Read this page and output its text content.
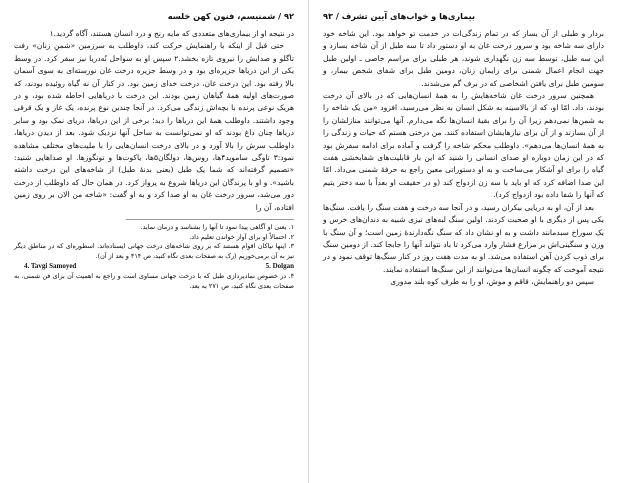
۹۲ / شمنیسم، فنون کهن خلسه

در نتیجه او از بیماری‌های متعددی که مایه رنج و درد انسان هستند، آگاه گردید.۱

حتی قبل از اینکه با راهنمایش حرکت کند، داوطلب به سرزمین «شمنِ زنان» رفت تاگلو و صدایش را نیروی تازه بخشد.۲ سپس او به سواحل نُه‌دریا نیز سفر کرد. در وسط یکی از این دریاها جزیره‌ای بود و در وسط جزیره درخت غان نورسته‌ای به سوی آسمان بالا رفته بود. این درخت غان، درخت خدای زمین بود. در کنار آن نه گیاه روئیده بودند، که صورت‌های اولیه همهٔ گیاهان زمین بودند. این درخت با دریاهایی احاطه شده بود، و در هریک نوعی پرنده با بچه‌اش زندگی می‌کرد. در آنجا چندین نوع پرنده، یک غاز و یک قرقی وجود داشتند. داوطلب همهٔ این دریاها را دید؛ برخی از این دریاها، دریای نمک بود و سایر دریاها چنان داغ بودند که او نمی‌توانست به ساحل آنها نزدیک شود. بعد از دیدن دریاها، داوطلب سرش را بالا آورد و در بالای درخت انسان‌هایی را با ملیت‌های مختلف مشاهده نمود:۳ تاوگی ساموید۴ها، روس‌ها، دولگان۵ها، یاکوت‌ها و تونگوزها. او صداهایی شنید: «تصمیم گرفته‌اند که شما یک طبل (یعنی بدنهٔ طبل) از شاخه‌های این درخت داشته باشید». و او با پرندگان این دریاها شروع به پرواز کرد. در همان حال که داوطلب از درخت دور می‌شد، سرور درخت غان به او صدا کرد و به او گفت: «شاخه من الان بر روی زمین افتاده، آن را

۱. یعنی او آگاهی پیدا نمود تا آنها را بشناسد و درمان نماید.

۲. احتمالاً او برای آواز خواندن تعلیم داد.

۳. اینها نیاکان اقوام هستند که بر روی شاخه‌های درخت جهانی ایستاده‌اند. اسطوره‌ای که در مناطق دیگر نیز به آن برمی‌خوریم (رک به صفحات بعدی نگاه کنید، ص ۴۱۴ و بعد از آن).

4. Tavgi Samoyed	5. Dolgan

۴. در خصوص نمادپردازی طبل که با درخت جهانی مساوی است و راجع به اهمیت آن برای فن شمنی، به صفحات بعدی نگاه کنید، ص ۲۷۱ به بعد.

بیماری‌ها و خواب‌های آیین تشرف / ۹۳

بردار و طبلی از آن بساز که در تمام زندگی‌ات در خدمت تو خواهد بود. این شاخه خود دارای سه شاخه بود و سرور درخت غان به او دستور داد تا سه طبل از آن شاخه بسازد و این سه طبل، توسط سه زن نگهداری شوند، هر طبلی برای مراسم خاصی ـ اولین طبل جهت انجام اعمال شمنی برای زایمان زنان، دومین طبل برای شفای شخص بیمار، و سومین طبل برای یافتن اشخاصی که در برف گم می‌شدند.

همچنین سرور درخت غان شاخه‌هایش را به همهٔ انسان‌هایی که در بالای آن درخت بودند، داد. امّا او، که از بالاسینه به شکل انسان به نظر می‌رسید، افزود «من یک شاخه را به شمن‌ها نمی‌دهم زیرا آن را برای بقیهٔ انسان‌ها نگه می‌دارم. آنها می‌توانند منازلشان را از آن بسازند و از آن برای نیازهایشان استفاده کنند. من درختی هستم که حیات و زندگی را به همهٔ انسان‌ها می‌دهم». داوطلب محکم شاخه را گرفت و آماده برای ادامه سفرش بود که در این زمان دوباره او صدای انسانی را شنید که این بار قابلیت‌های شفابخشی هفت گیاه را برای او آشکار می‌ساخت و به او دستوراتی معین راجع به حرفهٔ شمنی می‌داد. امّا این صدا اضافه کرد که او باید با سه زن ازدواج کند (و در حقیقت او بعداً با سه دختر یتیم که آنها را شفا داده بود ازدواج کرد).

بعد از آن، او به دریایی بیکران رسید، و در آنجا سه درخت و هفت سنگ را یافت. سنگ‌ها یکی پس از دیگری با او صحبت کردند. اولین سنگ لبه‌های تیزی شبیه به دندان‌های خرس و یک سوراخ سبدمانند داشت و به او نشان داد که سنگ نگه‌دارندهٔ زمین است؛ و آن سنگ با وزن و سنگینی‌اش بر مزارع فشار وارد می‌کرد تا باد نتواند آنها را جابجا کند. از دومین سنگ برای ذوب کردن آهن استفاده می‌شد. او به مدت هفت روز در کنار سنگ‌ها توقف نمود و در نتیجه آموخت که چگونه انسان‌ها می‌توانند از این سنگ‌ها استفاده نمایند.

سپس دو راهنمایش، قاقم و موش، او را به طرف کوه بلند مدوری
